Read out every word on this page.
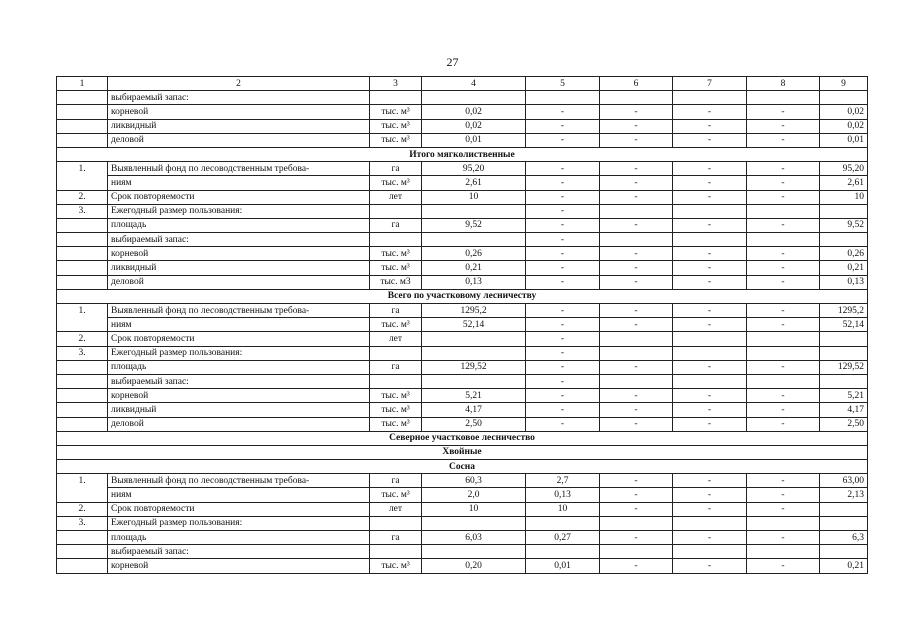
27
1	2	3	4	5	6	7	8	9
	выбираемый запас:							
	корневой	тыс. м³	0,02	-	-	-	-	0,02
	ликвидный	тыс. м³	0,02	-	-	-	-	0,02
	деловой	тыс. м³	0,01	-	-	-	-	0,01
Итого мягколиственные								
1.	Выявленный фонд по лесоводственным требова-	га	95,20	-	-	-	-	95,20
	ниям	тыс. м³	2,61	-	-	-	-	2,61
2.	Срок повторяемости	лет	10	-	-	-	-	10
3.	Ежегодный размер пользования:			-				
	площадь	га	9,52	-	-	-	-	9,52
	выбираемый запас:			-				
	корневой	тыс. м³	0,26	-	-	-	-	0,26
	ликвидный	тыс. м³	0,21	-	-	-	-	0,21
	деловой	тыс. м3	0,13	-	-	-	-	0,13
Всего по участковому лесничеству								
1.	Выявленный фонд по лесоводственным требова-	га	1295,2	-	-	-	-	1295,2
	ниям	тыс. м³	52,14	-	-	-	-	52,14
2.	Срок повторяемости	лет		-				
3.	Ежегодный размер пользования:			-				
	площадь	га	129,52	-	-	-	-	129,52
	выбираемый запас:			-				
	корневой	тыс. м³	5,21	-	-	-	-	5,21
	ликвидный	тыс. м³	4,17	-	-	-	-	4,17
	деловой	тыс. м³	2,50	-	-	-	-	2,50
Северное участковое лесничество								
Хвойные								
Сосна								
1.	Выявленный фонд по лесоводственным требова-	га	60,3	2,7	-	-	-	63,00
	ниям	тыс. м³	2,0	0,13	-	-	-	2,13
2.	Срок повторяемости	лет	10	10	-	-	-	
3.	Ежегодный размер пользования:							
	площадь	га	6,03	0,27	-	-	-	6,3
	выбираемый запас:							
	корневой	тыс. м³	0,20	0,01	-	-	-	0,21
